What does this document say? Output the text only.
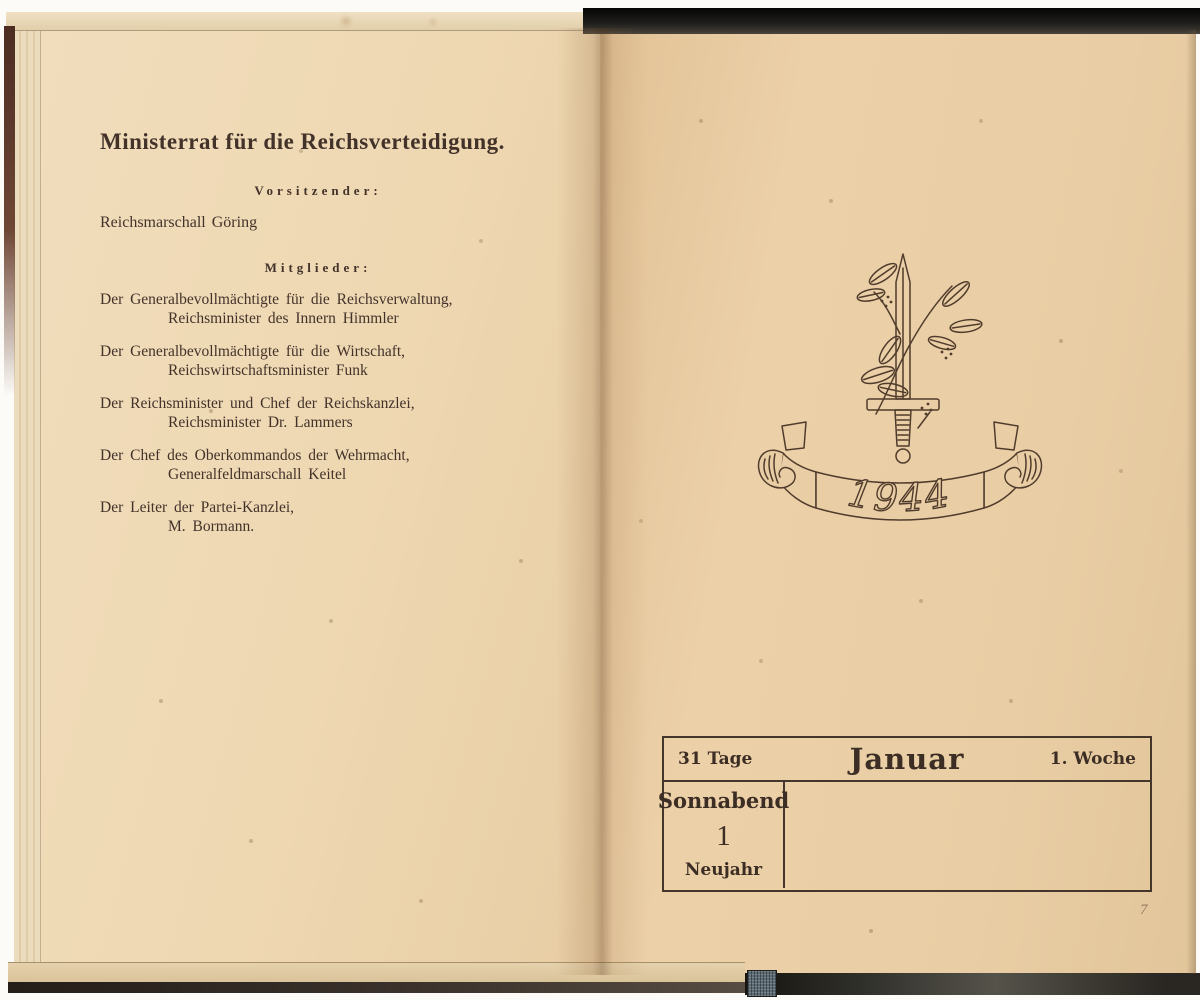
Ministerrat für die Reichsverteidigung.
Vorsitzender:
Reichsmarschall Göring
Mitglieder:
Der Generalbevollmächtigte für die Reichsverwaltung,
Reichsminister des Innern Himmler
Der Generalbevollmächtigte für die Wirtschaft,
Reichswirtschaftsminister Funk
Der Reichsminister und Chef der Reichskanzlei,
Reichsminister Dr. Lammers
Der Chef des Oberkommandos der Wehrmacht,
Generalfeldmarschall Keitel
Der Leiter der Partei-Kanzlei,
M. Bormann.
1944
31 Tage	Januar	1. Woche
Sonnabend
1
Neujahr
7
